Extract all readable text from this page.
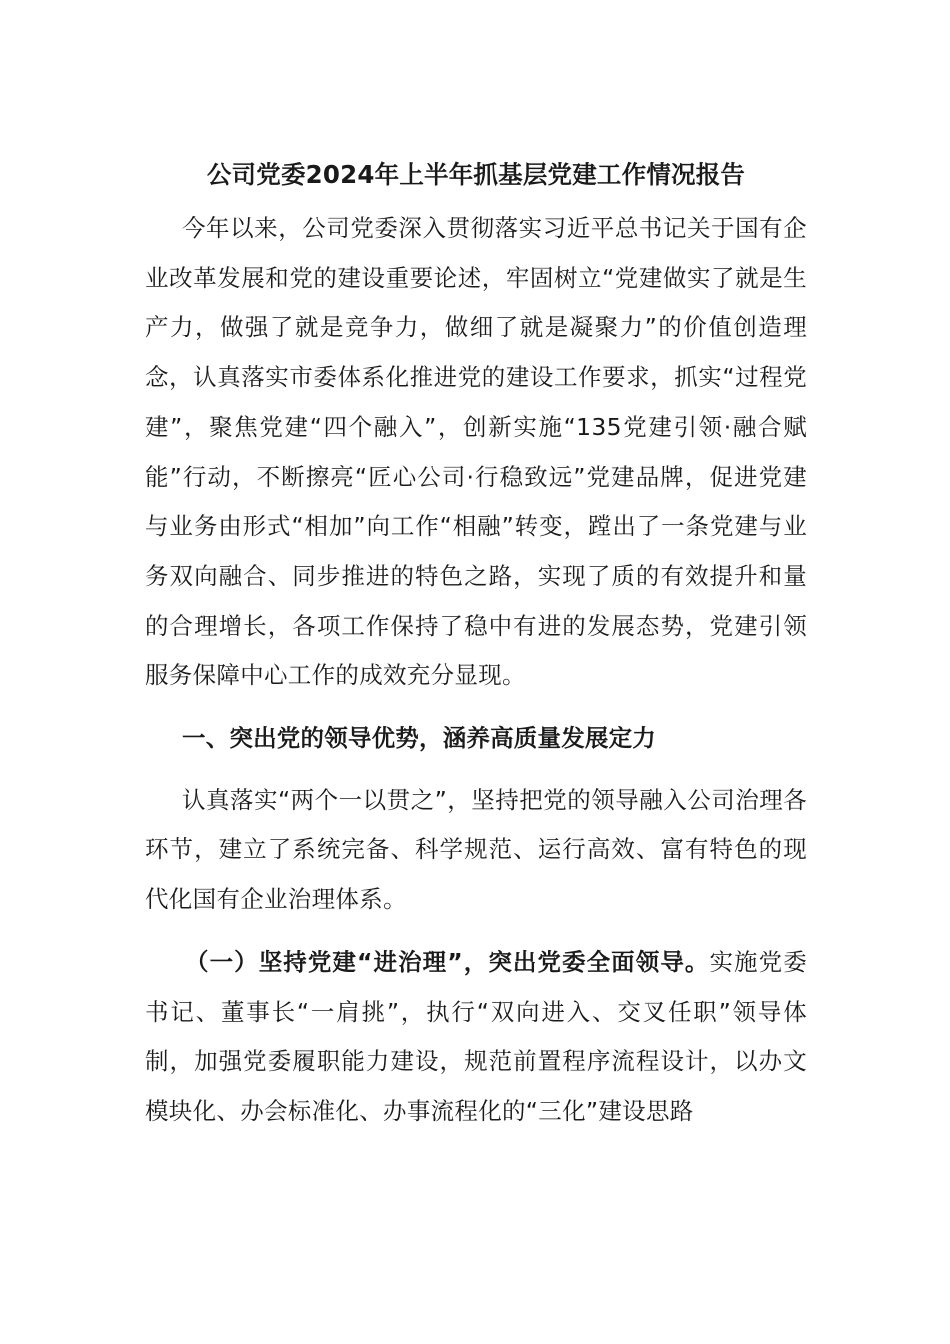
公司党委2024年上半年抓基层党建工作情况报告

今年以来，公司党委深入贯彻落实习近平总书记关于国有企业改革发展和党的建设重要论述，牢固树立“党建做实了就是生产力，做强了就是竞争力，做细了就是凝聚力”的价值创造理念，认真落实市委体系化推进党的建设工作要求，抓实“过程党建”，聚焦党建“四个融入”，创新实施“135党建引领·融合赋能”行动，不断擦亮“匠心公司·行稳致远”党建品牌，促进党建与业务由形式“相加”向工作“相融”转变，蹚出了一条党建与业务双向融合、同步推进的特色之路，实现了质的有效提升和量的合理增长，各项工作保持了稳中有进的发展态势，党建引领服务保障中心工作的成效充分显现。

一、突出党的领导优势，涵养高质量发展定力

认真落实“两个一以贯之”，坚持把党的领导融入公司治理各环节，建立了系统完备、科学规范、运行高效、富有特色的现代化国有企业治理体系。

（一）坚持党建“进治理”，突出党委全面领导。实施党委书记、董事长“一肩挑”，执行“双向进入、交叉任职”领导体制，加强党委履职能力建设，规范前置程序流程设计，以办文模块化、办会标准化、办事流程化的“三化”建设思路
